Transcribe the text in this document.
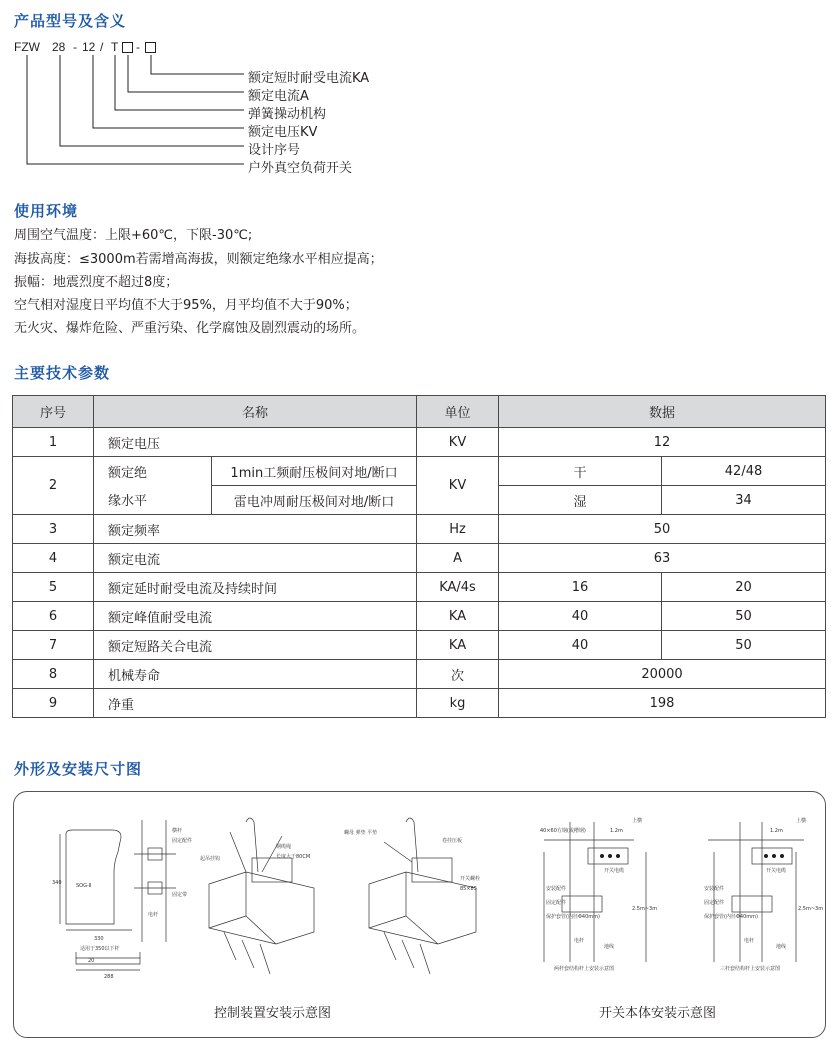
产品型号及含义
FZW 28 - 12 / T -
额定短时耐受电流KA
额定电流A
弹簧操动机构
额定电压KV
设计序号
户外真空负荷开关
使用环境
周围空气温度：上限+60℃，下限-30℃;
海拔高度：≤3000m若需增高海拔，则额定绝缘水平相应提高；
振幅：地震烈度不超过8度；
空气相对湿度日平均值不大于95%，月平均值不大于90%；
无火灾、爆炸危险、严重污染、化学腐蚀及剧烈震动的场所。
主要技术参数
序号	名称		单位	数据	
1	额定电压		KV	12	
2	额定绝	1min工频耐压极间对地/断口	KV	干	42/48
	缘水平	雷电冲周耐压极间对地/断口		湿	34
3	额定频率		Hz	50	
4	额定电流		A	63	
5	额定延时耐受电流及持续时间		KA/4s	16	20
6	额定峰值耐受电流		KA	40	50
7	额定短路关合电流		KA	40	50
8	机械寿命		次	20000	
9	净重		kg	198	
外形及安装尺寸图
SOG-Ⅱ
340
330
适用于350以下杆
20
288
横杆
固定配件
固定带
电杆
起吊挂钩
钢缆绳
长度大于80CM
螺母 弹垫 平垫
卷挂压板
开关螺栓
85×85
上横
1.2m
40×60方钢(或槽钢)
开关电缆
安装配件
固定配件
保护套管(内径Φ40mm)
电杆
地线
2.5m~3m
上横
1.2m
开关电缆
安装配件
固定配件
保护套管(内径Φ40mm)
电杆
地线
2.5m~3m
两杆套结构杆上安装示意图	三杆套结构杆上安装示意图
控制装置安装示意图	开关本体安装示意图
